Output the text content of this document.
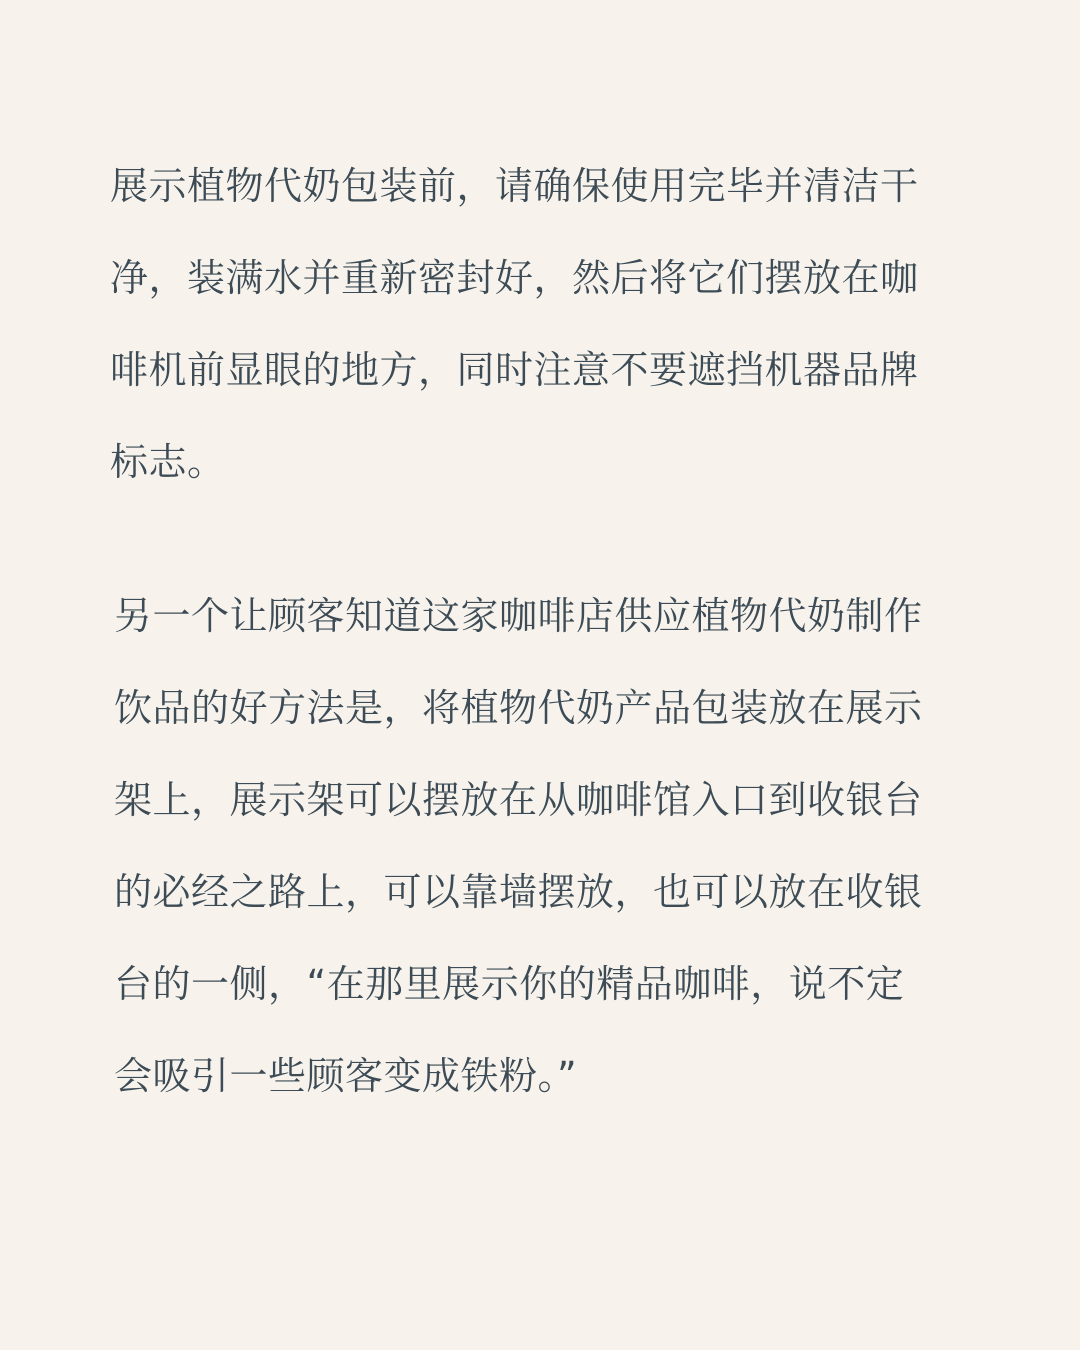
展示植物代奶包装前，请确保使用完毕并清洁干
净，装满水并重新密封好，然后将它们摆放在咖
啡机前显眼的地方，同时注意不要遮挡机器品牌
标志。
另一个让顾客知道这家咖啡店供应植物代奶制作
饮品的好方法是，将植物代奶产品包装放在展示
架上，展示架可以摆放在从咖啡馆入口到收银台
的必经之路上，可以靠墙摆放，也可以放在收银
台的一侧，“在那里展示你的精品咖啡，说不定
会吸引一些顾客变成铁粉。”
